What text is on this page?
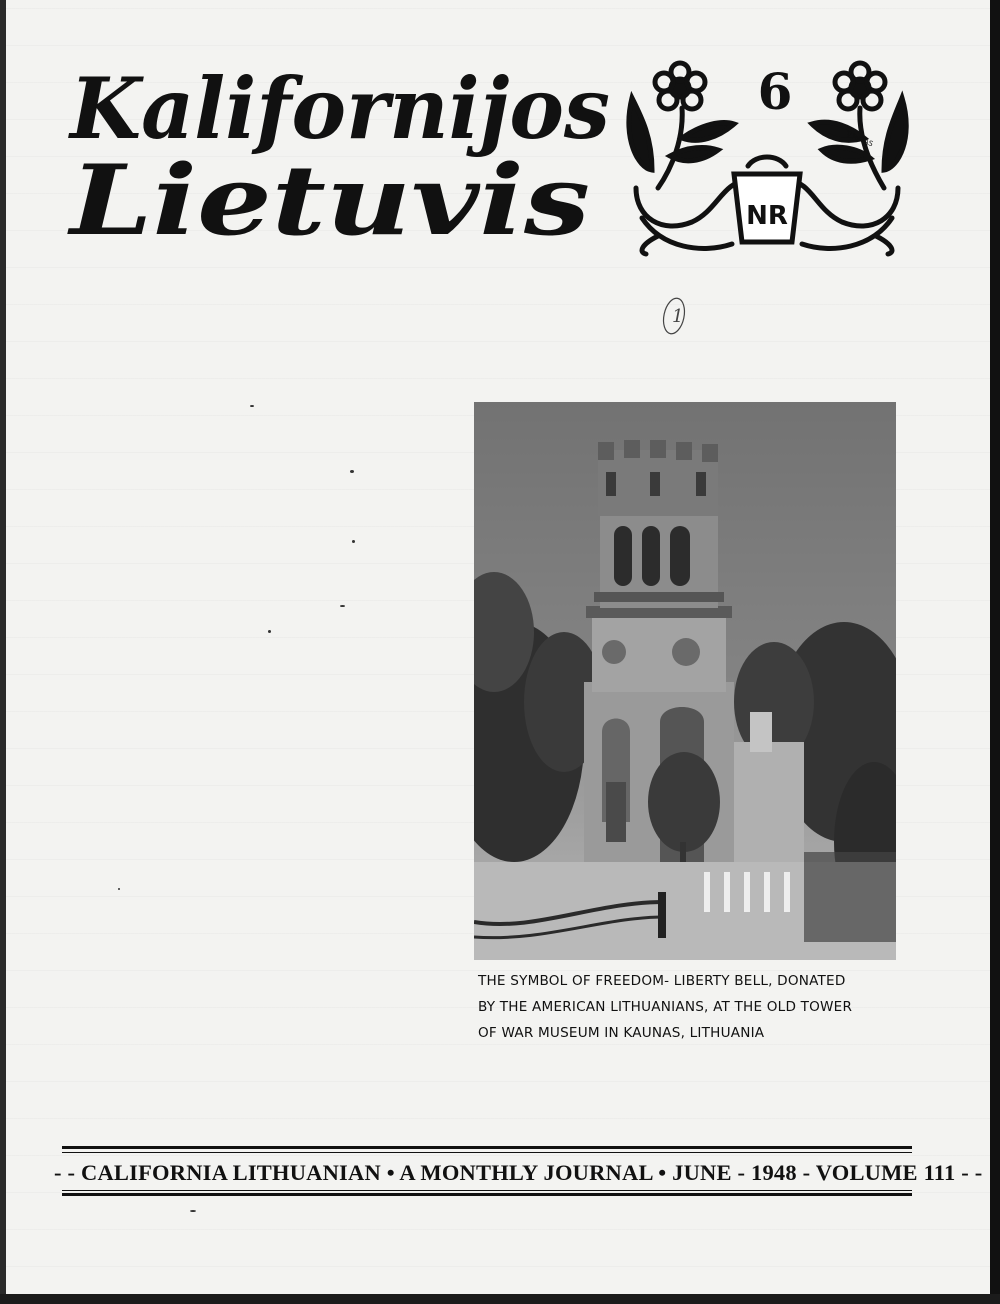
Kalifornijos
Lietuvis	NR
V.RATAS
6
1
THE SYMBOL OF FREEDOM- LIBERTY BELL, DONATED
BY THE AMERICAN LITHUANIANS, AT THE OLD TOWER
OF WAR MUSEUM IN KAUNAS, LITHUANIA
- - CALIFORNIA LITHUANIAN • A MONTHLY JOURNAL • JUNE - 1948 - VOLUME 111 - -
